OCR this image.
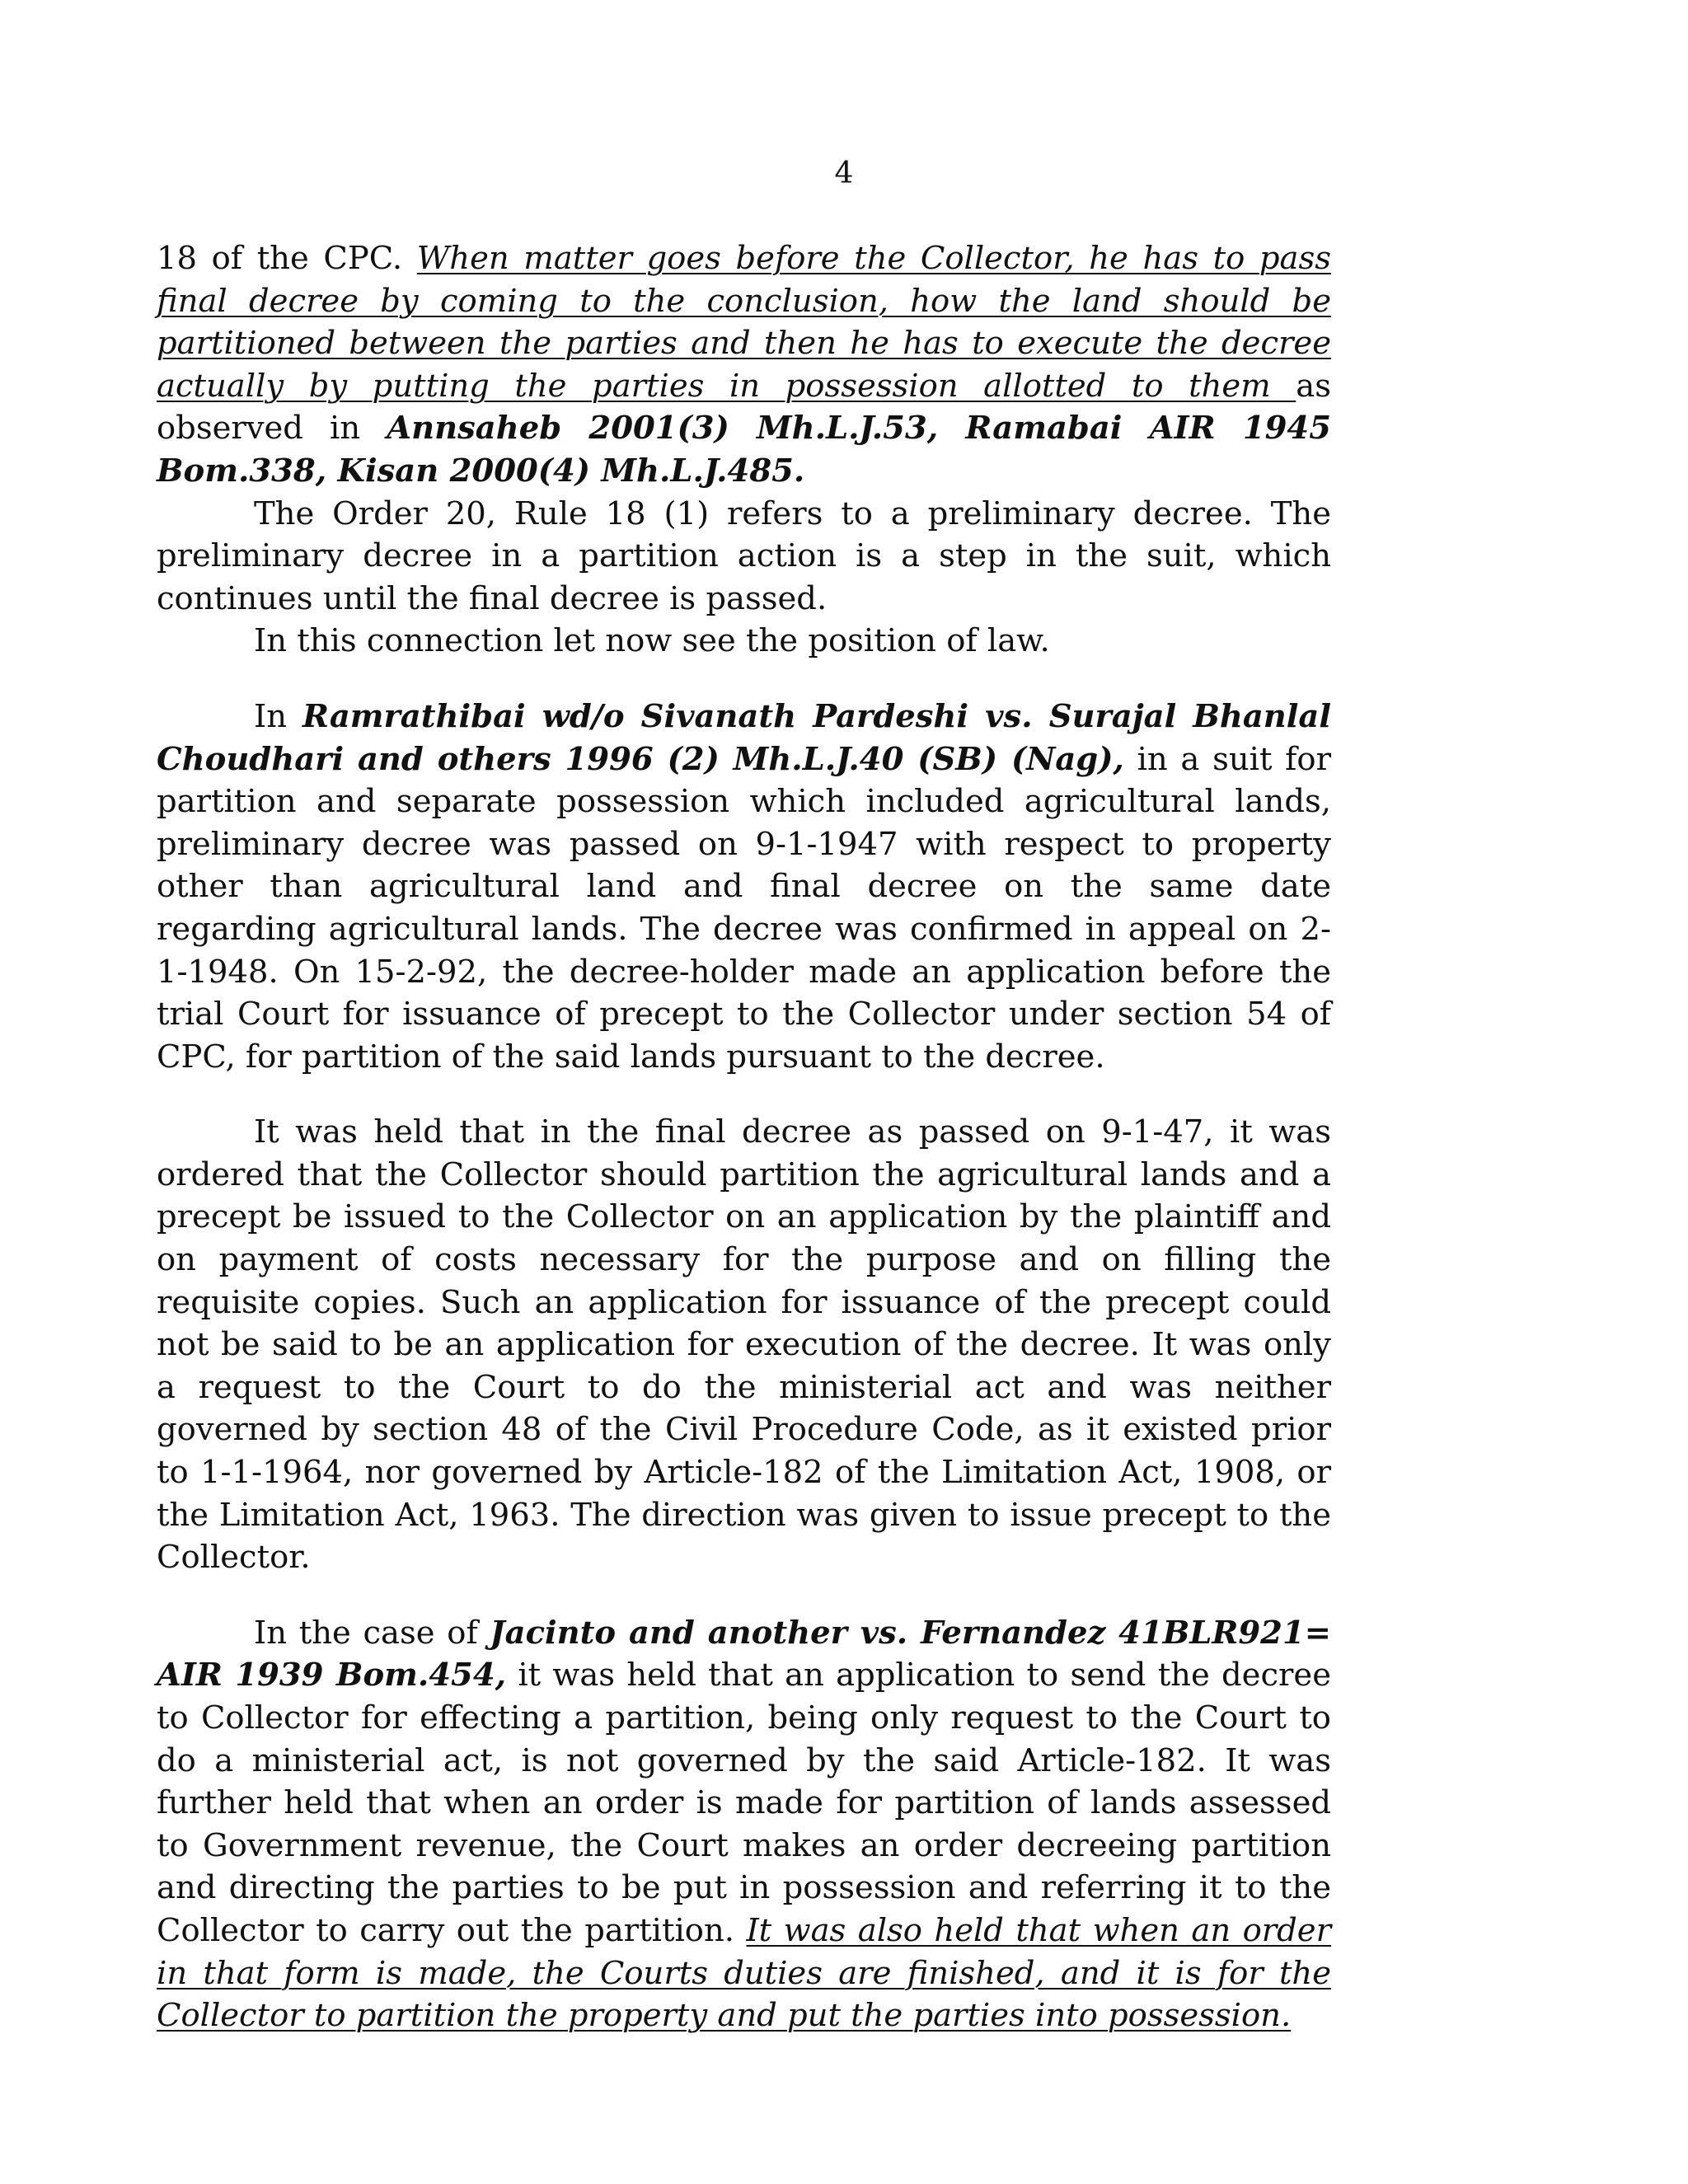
4

18 of the CPC. When matter goes before the Collector, he has to pass final decree by coming to the conclusion, how the land should be partitioned between the parties and then he has to execute the decree actually by putting the parties in possession allotted to them as observed in Annsaheb 2001(3) Mh.L.J.53, Ramabai AIR 1945 Bom.338, Kisan 2000(4) Mh.L.J.485.

The Order 20, Rule 18 (1) refers to a preliminary decree. The preliminary decree in a partition action is a step in the suit, which continues until the final decree is passed.

In this connection let now see the position of law.

In Ramrathibai wd/o Sivanath Pardeshi vs. Surajal Bhanlal Choudhari and others 1996 (2) Mh.L.J.40 (SB) (Nag), in a suit for partition and separate possession which included agricultural lands, preliminary decree was passed on 9-1-1947 with respect to property other than agricultural land and final decree on the same date regarding agricultural lands. The decree was confirmed in appeal on 2-1-1948. On 15-2-92, the decree-holder made an application before the trial Court for issuance of precept to the Collector under section 54 of CPC, for partition of the said lands pursuant to the decree.

It was held that in the final decree as passed on 9-1-47, it was ordered that the Collector should partition the agricultural lands and a precept be issued to the Collector on an application by the plaintiff and on payment of costs necessary for the purpose and on filling the requisite copies. Such an application for issuance of the precept could not be said to be an application for execution of the decree. It was only a request to the Court to do the ministerial act and was neither governed by section 48 of the Civil Procedure Code, as it existed prior to 1-1-1964, nor governed by Article-182 of the Limitation Act, 1908, or the Limitation Act, 1963. The direction was given to issue precept to the Collector.

In the case of Jacinto and another vs. Fernandez 41BLR921= AIR 1939 Bom.454, it was held that an application to send the decree to Collector for effecting a partition, being only request to the Court to do a ministerial act, is not governed by the said Article-182. It was further held that when an order is made for partition of lands assessed to Government revenue, the Court makes an order decreeing partition and directing the parties to be put in possession and referring it to the Collector to carry out the partition. It was also held that when an order in that form is made, the Courts duties are finished, and it is for the Collector to partition the property and put the parties into possession.
